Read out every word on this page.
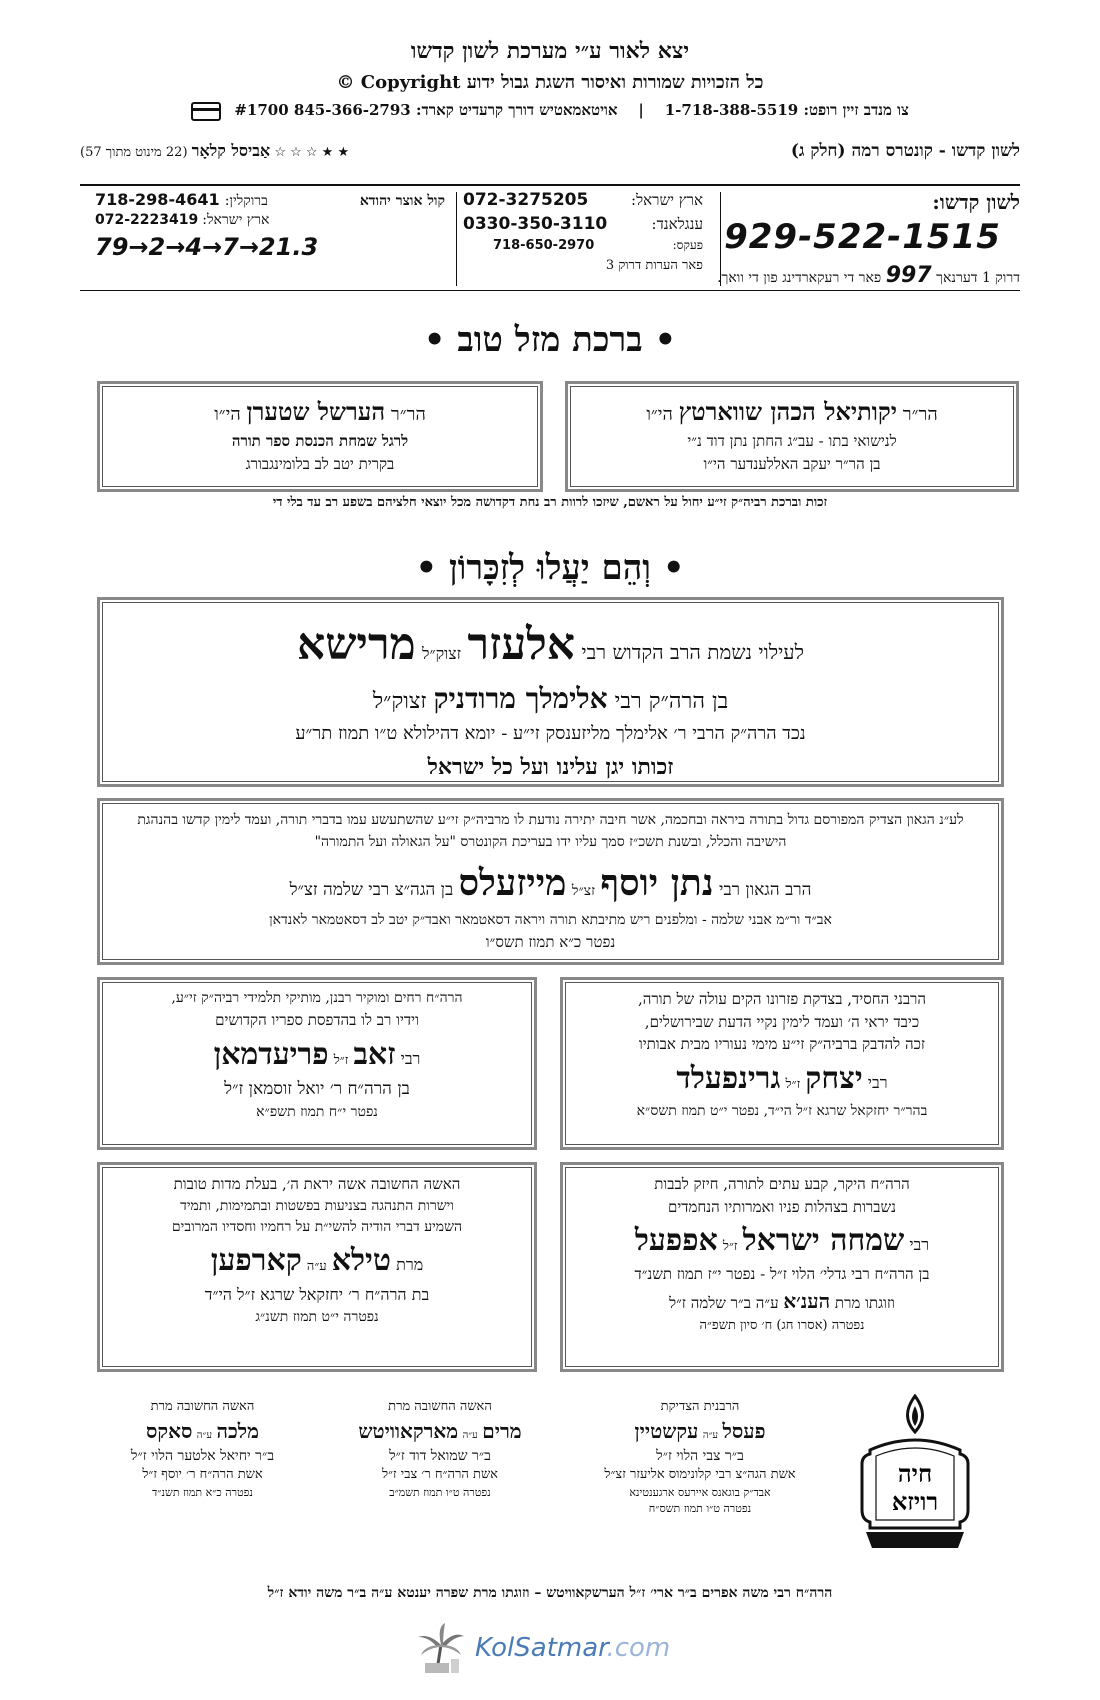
יצא לאור ע״י מערכת לשון קדשו
כל הזכויות שמורות ואיסור השגת גבול ידוע Copyright ©
צו מנדב זיין רופט: 1-718-388-5519    |    אויטאמאטיש דורך קרעדיט קארד: 845-366-2793 #1700
★ ★ ☆ ☆ ☆ אַביסל קלאָר (22 מינוט מתוך 57)	לשון קדשו - קונטרס רמה (חלק ג)
לשון קדשו:
929-522-1515
דרוק 1 דערנאך 997 פאר די רעקארדינג פון די וואך.
072-3275205	ארץ ישראל:
0330-350-3110	ענגלאנד:
718-650-2970	פעקס:
פאר הערות דרוק 3
718-298-4641 ברוקלין:	קול אוצר יהודא
072-2223419 ארץ ישראל:
79→2→4→7→21.3
• ברכת מזל טוב •
הר״ר יקותיאל הכהן שווארטץ הי״ו
לנישואי בתו - עב״ג החתן נתן דוד נ״י
בן הר״ר יעקב האללענדער הי״ו
הר״ר הערשל שטערן הי״ו
לרגל שמחת הכנסת ספר תורה
בקרית יטב לב בלומינגבורג
זכות וברכת רביה״ק זי״ע יחול על ראשם, שיזכו לרוות רב נחת דקדושה מכל יוצאי חלציהם בשפע רב עד בלי די
• וְהֵם יַעֲלוּ לְזִכָּרוֹן •
לעילוי נשמת הרב הקדוש רבי אלעזר זצוק״ל מרישא
בן הרה״ק רבי אלימלך מרודניק זצוק״ל
נכד הרה״ק הרבי ר׳ אלימלך מליזענסק זי״ע - יומא דהילולא ט״ו תמוז תר״ע
זכותו יגן עלינו ועל כל ישראל
לע״נ הגאון הצדיק המפורסם גדול בתורה ביראה ובחכמה, אשר חיבה יתירה נודעת לו מרביה״ק זי״ע שהשתעשע עמו בדברי תורה, ועמד לימין קדשו בהנהגת הישיבה והכלל, ובשנת תשכ״ז סמך עליו ידו בעריכת הקונטרס "על הגאולה ועל התמורה"
הרב הגאון רבי נתן יוסף זצ״ל מייזעלס בן הגה״צ רבי שלמה זצ״ל
אב״ד ור״מ אבני שלמה - ומלפנים ריש מתיבתא תורה ויראה דסאטמאר ואבד״ק יטב לב דסאטמאר לאנדאן
נפטר כ״א תמוז תשס״ו
הרבני החסיד, בצדקת פזרונו הקים עולה של תורה,
כיבד יראי ה׳ ועמד לימין נקיי הדעת שבירושלים,
זכה להדבק ברביה״ק זי״ע מימי נעוריו מבית אבותיו
רבי יצחק ז״ל גרינפעלד
בהר״ר יחזקאל שרגא ז״ל הי״ד, נפטר י״ט תמוז תשס״א
הרה״ח רחים ומוקיר רבנן, מותיקי תלמידי רביה״ק זי״ע,
וידיו רב לו בהדפסת ספריו הקדושים
רבי זאב ז״ל פריעדמאן
בן הרה״ח ר׳ יואל זוסמאן ז״ל
נפטר י״ח תמוז תשפ״א
הרה״ח היקר, קבע עתים לתורה, חיזק לבבות
נשברות בצהלות פניו ואמרותיו הנחמדים
רבי שמחה ישראל ז״ל אפפעל
בן הרה״ח רבי גדלי׳ הלוי ז״ל - נפטר י״ז תמוז תשנ״ד
וזוגתו מרת הענ׳א ע״ה ב״ר שלמה ז״ל
נפטרה (אסרו חג) ח׳ סיון תשפ״ה
האשה החשובה אשה יראת ה׳, בעלת מדות טובות
וישרות התנהגה בצניעות בפשטות ובתמימות, ותמיד
השמיע דברי הודיה להשי״ת על רחמיו וחסדיו המרובים
מרת טילא ע״ה קארפען
בת הרה״ח ר׳ יחזקאל שרגא ז״ל הי״ד
נפטרה י״ט תמוז תשנ״ג
הרבנית הצדיקת
פעסל ע״ה עקשטיין
ב״ר צבי הלוי ז״ל
אשת הגה״צ רבי קלונימוס אליעזר זצ״ל
אבד״ק בוגאנס איירעס ארגענטינא
נפטרה ט״ו תמוז תשס״ח
האשה החשובה מרת
מרים ע״ה מארקאוויטש
ב״ר שמואל דוד ז״ל
אשת הרה״ח ר׳ צבי ז״ל
נפטרה ט״ו תמוז תשמ״ב
האשה החשובה מרת
מלכה ע״ה סאקס
ב״ר יחיאל אלטער הלוי ז״ל
אשת הרה״ח ר׳ יוסף ז״ל
נפטרה כ״א תמוז תשנ״ד
חיה
רויזא
הרה״ח רבי משה אפרים ב״ר ארי׳ ז״ל הערשקאוויטש – וזוגתו מרת שפרה יענטא ע״ה ב״ר משה יודא ז״ל
KolSatmar.com
